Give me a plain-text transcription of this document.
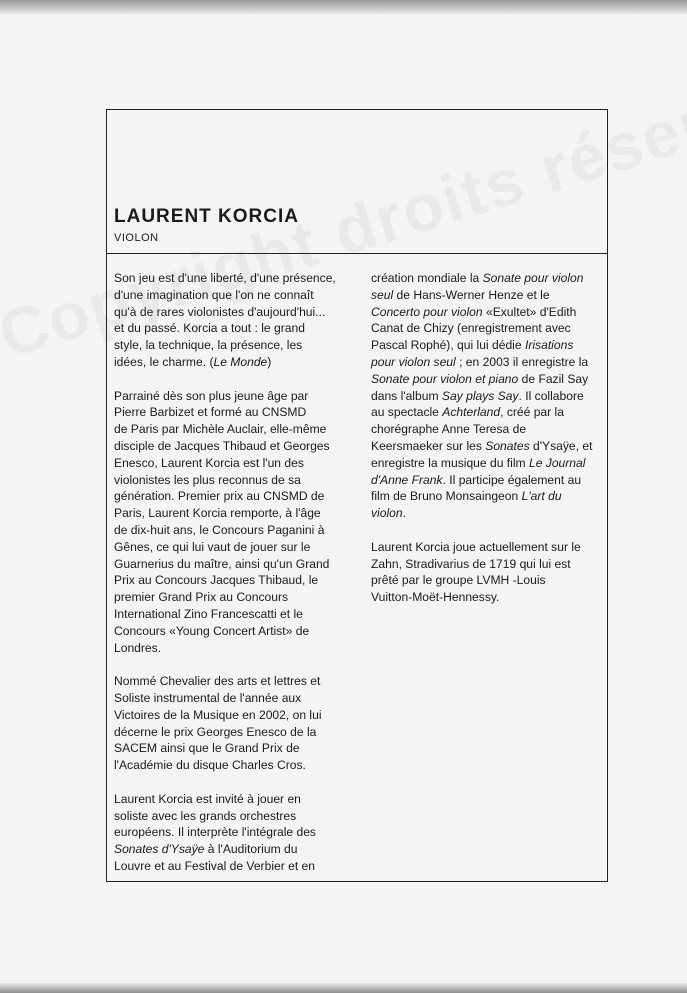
LAURENT KORCIA
VIOLON

Son jeu est d'une liberté, d'une présence,
d'une imagination que l'on ne connaît
qu'à de rares violonistes d'aujourd'hui...
et du passé. Korcia a tout : le grand
style, la technique, la présence, les
idées, le charme. (Le Monde)

Parrainé dès son plus jeune âge par
Pierre Barbizet et formé au CNSMD
de Paris par Michèle Auclair, elle-même
disciple de Jacques Thibaud et Georges
Enesco, Laurent Korcia est l'un des
violonistes les plus reconnus de sa
génération. Premier prix au CNSMD de
Paris, Laurent Korcia remporte, à l'âge
de dix-huit ans, le Concours Paganini à
Gênes, ce qui lui vaut de jouer sur le
Guarnerius du maître, ainsi qu'un Grand
Prix au Concours Jacques Thibaud, le
premier Grand Prix au Concours
International Zino Francescatti et le
Concours «Young Concert Artist» de
Londres.

Nommé Chevalier des arts et lettres et
Soliste instrumental de l'année aux
Victoires de la Musique en 2002, on lui
décerne le prix Georges Enesco de la
SACEM ainsi que le Grand Prix de
l'Académie du disque Charles Cros.

Laurent Korcia est invité à jouer en
soliste avec les grands orchestres
européens. Il interprète l'intégrale des
Sonates d'Ysaÿe à l'Auditorium du
Louvre et au Festival de Verbier et en

création mondiale la Sonate pour violon
seul de Hans-Werner Henze et le
Concerto pour violon «Exultet» d'Edith
Canat de Chizy (enregistrement avec
Pascal Rophé), qui lui dédie Irisations
pour violon seul ; en 2003 il enregistre la
Sonate pour violon et piano de Fazil Say
dans l'album Say plays Say. Il collabore
au spectacle Achterland, créé par la
chorégraphe Anne Teresa de
Keersmaeker sur les Sonates d'Ysaÿe, et
enregistre la musique du film Le Journal
d'Anne Frank. Il participe également au
film de Bruno Monsaingeon L'art du
violon.

Laurent Korcia joue actuellement sur le
Zahn, Stradivarius de 1719 qui lui est
prêté par le groupe LVMH -Louis
Vuitton-Moët-Hennessy.
